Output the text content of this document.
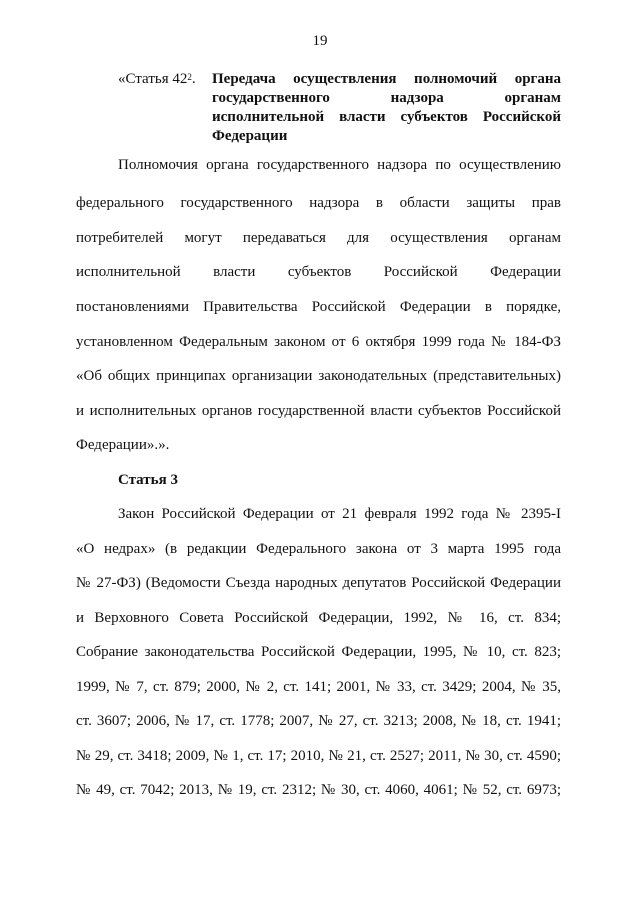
19
«Статья $42^2$.	Передача осуществления полномочий органа
государственного надзора органам
исполнительной власти субъектов Российской
Федерации
Полномочия органа государственного надзора по осуществлению
федерального государственного надзора в области защиты прав
потребителей могут передаваться для осуществления органам
исполнительной власти субъектов Российской Федерации
постановлениями Правительства Российской Федерации в порядке,
установленном Федеральным законом от 6 октября 1999 года № 184-ФЗ
«Об общих принципах организации законодательных (представительных)
и исполнительных органов государственной власти субъектов Российской
Федерации».».
Статья 3
Закон Российской Федерации от 21 февраля 1992 года № 2395-I
«О недрах» (в редакции Федерального закона от 3 марта 1995 года
№ 27-ФЗ) (Ведомости Съезда народных депутатов Российской Федерации
и Верховного Совета Российской Федерации, 1992, № 16, ст. 834;
Собрание законодательства Российской Федерации, 1995, № 10, ст. 823;
1999, № 7, ст. 879; 2000, № 2, ст. 141; 2001, № 33, ст. 3429; 2004, № 35,
ст. 3607; 2006, № 17, ст. 1778; 2007, № 27, ст. 3213; 2008, № 18, ст. 1941;
№ 29, ст. 3418; 2009, № 1, ст. 17; 2010, № 21, ст. 2527; 2011, № 30, ст. 4590;
№ 49, ст. 7042; 2013, № 19, ст. 2312; № 30, ст. 4060, 4061; № 52, ст. 6973;
